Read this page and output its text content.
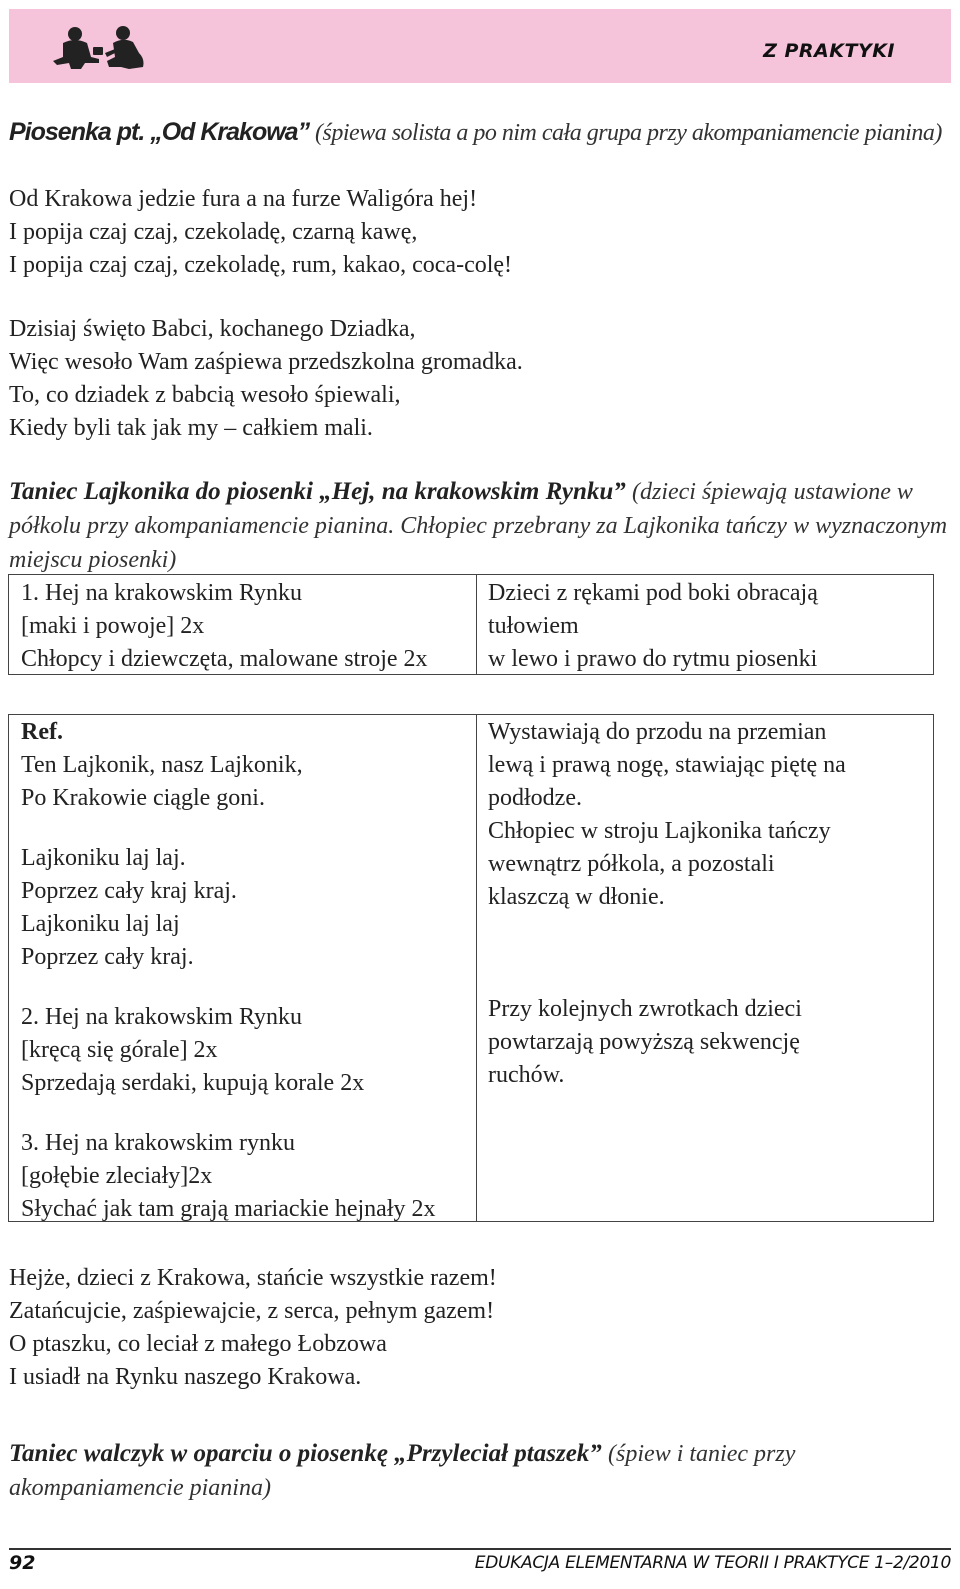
Z PRAKTYKI
Piosenka pt. „Od Krakowa” (śpiewa solista a po nim cała grupa przy akompaniamencie pianina)

Od Krakowa jedzie fura a na furze Waligóra hej!
I popija czaj czaj, czekoladę, czarną kawę,
I popija czaj czaj, czekoladę, rum, kakao, coca-colę!

Dzisiaj święto Babci, kochanego Dziadka,
Więc wesoło Wam zaśpiewa przedszkolna gromadka.
To, co dziadek z babcią wesoło śpiewali,
Kiedy byli tak jak my – całkiem mali.

Taniec Lajkonika do piosenki „Hej, na krakowskim Rynku” (dzieci śpiewają ustawione w półkolu przy akompaniamencie pianina. Chłopiec przebrany za Lajkonika tańczy w wyznaczonym miejscu piosenki)
1. Hej na krakowskim Rynku
[maki i powoje] 2x
Chłopcy i dziewczęta, malowane stroje 2x
Dzieci z rękami pod boki obracają
tułowiem
w lewo i prawo do rytmu piosenki
Ref.
Ten Lajkonik, nasz Lajkonik,
Po Krakowie ciągle goni.
Lajkoniku laj laj.
Poprzez cały kraj kraj.
Lajkoniku laj laj
Poprzez cały kraj.
2. Hej na krakowskim Rynku
[kręcą się górale] 2x
Sprzedają serdaki, kupują korale 2x
3. Hej na krakowskim rynku
[gołębie zleciały]2x
Słychać jak tam grają mariackie hejnały 2x
Wystawiają do przodu na przemian
lewą i prawą nogę, stawiając piętę na
podłodze.
Chłopiec w stroju Lajkonika tańczy
wewnątrz półkola, a pozostali
klaszczą w dłonie.
Przy kolejnych zwrotkach dzieci
powtarzają powyższą sekwencję
ruchów.

Hejże, dzieci z Krakowa, stańcie wszystkie razem!
Zatańcujcie, zaśpiewajcie, z serca, pełnym gazem!
O ptaszku, co leciał z małego Łobzowa
I usiadł na Rynku naszego Krakowa.

Taniec walczyk w oparciu o piosenkę „Przyleciał ptaszek” (śpiew i taniec przy akompaniamencie pianina)
92	EDUKACJA ELEMENTARNA W TEORII I PRAKTYCE 1–2/2010
